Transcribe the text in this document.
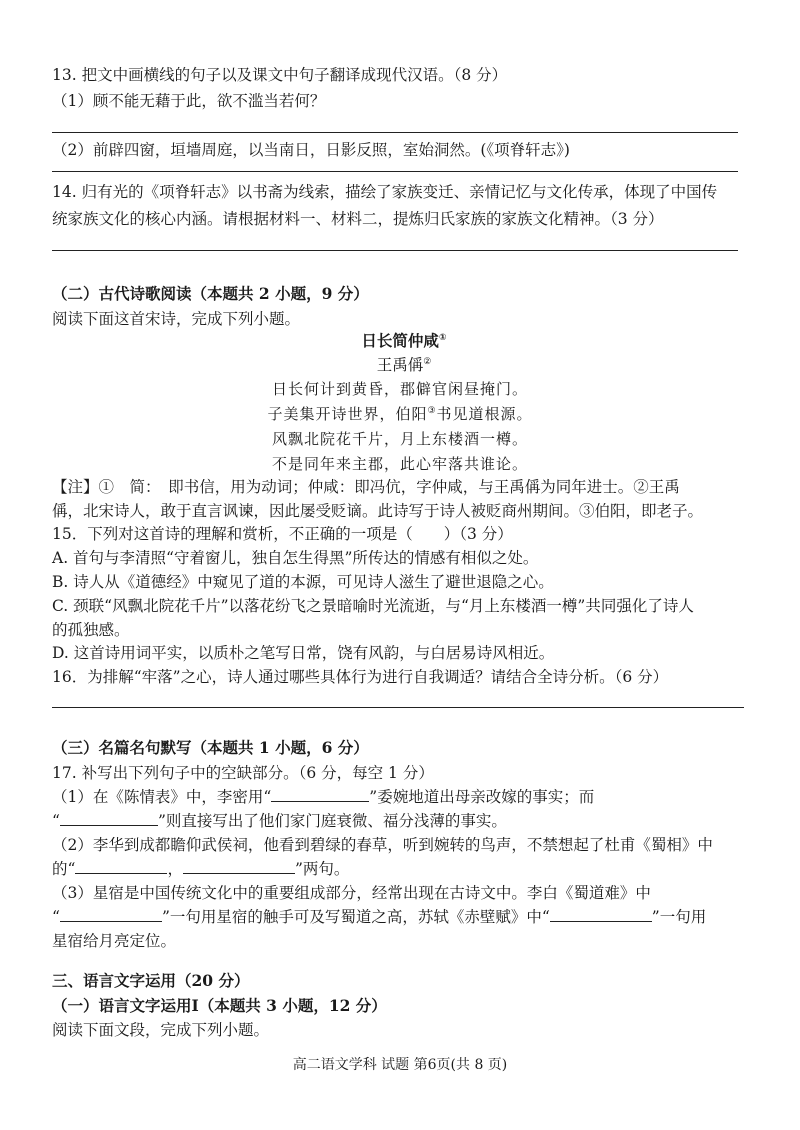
13. 把文中画横线的句子以及课文中句子翻译成现代汉语。（8 分）
（1）顾不能无藉于此，欲不滥当若何？
（2）前辟四窗，垣墙周庭，以当南日，日影反照，室始洞然。(《项脊轩志》)
14. 归有光的《项脊轩志》以书斋为线索，描绘了家族变迁、亲情记忆与文化传承，体现了中国传
统家族文化的核心内涵。请根据材料一、材料二，提炼归氏家族的家族文化精神。（3 分）
（二）古代诗歌阅读（本题共 2 小题，9 分）
阅读下面这首宋诗，完成下列小题。
日长简仲咸①
王禹偁②
日长何计到黄昏，郡僻官闲昼掩门。
子美集开诗世界，伯阳③书见道根源。
风飘北院花千片，月上东楼酒一樽。
不是同年来主郡，此心牢落共谁论。
【注】①　简：　即书信，用为动词；仲咸：即冯伉，字仲咸，与王禹偁为同年进士。②王禹
偁，北宋诗人，敢于直言讽谏，因此屡受贬谪。此诗写于诗人被贬商州期间。③伯阳，即老子。
15．下列对这首诗的理解和赏析，不正确的一项是（　　）（3 分）
A. 首句与李清照“守着窗儿，独自怎生得黑”所传达的情感有相似之处。
B. 诗人从《道德经》中窥见了道的本源，可见诗人滋生了避世退隐之心。
C. 颈联“风飘北院花千片”以落花纷飞之景暗喻时光流逝，与“月上东楼酒一樽”共同强化了诗人
的孤独感。
D. 这首诗用词平实，以质朴之笔写日常，饶有风韵，与白居易诗风相近。
16．为排解“牢落”之心，诗人通过哪些具体行为进行自我调适？请结合全诗分析。（6 分）
（三）名篇名句默写（本题共 1 小题，6 分）
17. 补写出下列句子中的空缺部分。（6 分，每空 1 分）
（1）在《陈情表》中，李密用“	”委婉地道出母亲改嫁的事实；而
“	”则直接写出了他们家门庭衰微、福分浅薄的事实。
（2）李华到成都瞻仰武侯祠，他看到碧绿的春草，听到婉转的鸟声，不禁想起了杜甫《蜀相》中
的“	，	”两句。
（3）星宿是中国传统文化中的重要组成部分，经常出现在古诗文中。李白《蜀道难》中
“	”一句用星宿的触手可及写蜀道之高，苏轼《赤壁赋》中“	”一句用
星宿给月亮定位。
三、语言文字运用（20 分）
（一）语言文字运用Ⅰ（本题共 3 小题，12 分）
阅读下面文段，完成下列小题。
高二语文学科 试题 第6页(共 8 页)
